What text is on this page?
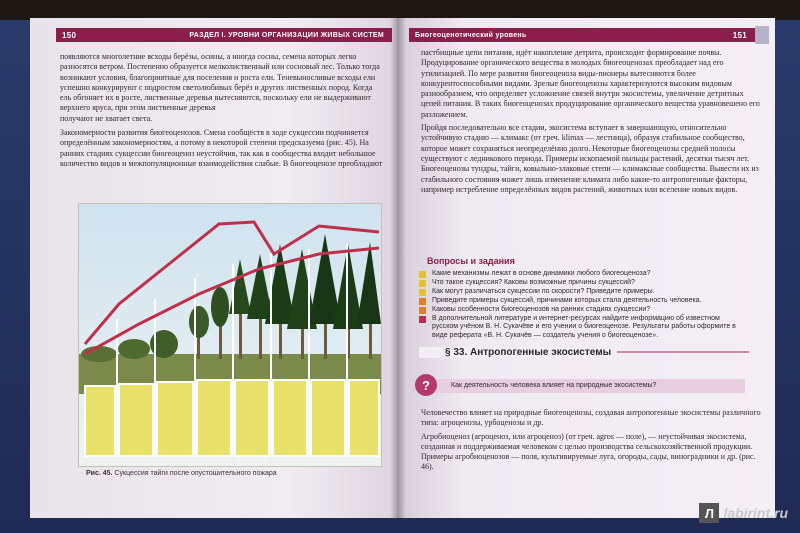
150	РАЗДЕЛ I. УРОВНИ ОРГАНИЗАЦИИ ЖИВЫХ СИСТЕМ

появляются многолетние всходы берёзы, осины, а иногда сосны, семена которых легко разносятся ветром. Постепенно образуется мелколиственный или сосновый лес. Только тогда возникают условия, благоприятные для поселения и роста ели. Теневыносливые всходы ели успешно конкурируют с подростом светолюбивых берёз и других лиственных пород. Когда ель обгоняет их в росте, лиственные деревья вытесняются, поскольку ели не выдерживают верхнего яруса, при этом лиственные деревья

получают не хватает света.

Закономерности развития биогеоценозов. Смена сообществ в ходе сукцессии подчиняется определённым закономерностям, а потому в некоторой степени предсказуема (рис. 45). На ранних стадиях сукцессии биогеоценоз неустойчив, так как в сообщества входит небольшое количество видов и межпопуляционные взаимодействия слабые. В биогеоценозе преобладают

Рис. 45. Сукцессия тайги после опустошительного пожара
Биогеоценотический уровень	151

пастбищные цепи питания, идёт накопление детрита, происходит формирование почвы. Продуцирование органического вещества в молодых биогеоценозах преобладает над его утилизацией. По мере развития биогеоценоза виды-пионеры вытесняются более конкурентоспособными видами. Зрелые биогеоценозы характеризуются высоким видовым разнообразием, что определяет усложнение связей внутри экосистемы, увеличение детритных цепей питания. В таких биогеоценозах продуцирование органического вещества уравновешено его разложением.

Пройдя последовательно все стадии, экосистема вступает в завершающую, относительно устойчивую стадию — климакс (от греч. klimax — лестница), образуя стабильное сообщество, которое может сохраняться неопределённо долго. Некоторые биогеоценозы средней полосы существуют с ледникового периода. Примеры ископаемой пыльцы растений, десятки тысяч лет. Биогеоценозы тундры, тайги, ковыльно-злаковые степи — климаксные сообщества. Вывести их из стабильного состояния может лишь изменение климата либо какие-то антропогенные факторы, например истребление определённых видов растений, животных или вселение новых видов.

Вопросы и задания
Какие механизмы лежат в основе динамики любого биогеоценоза?
Что такое сукцессия? Каковы возможные причины сукцессий?
Как могут различаться сукцессии по скорости? Приведите примеры.
Приведите примеры сукцессий, причинами которых стала деятельность человека.
Каковы особенности биогеоценозов на ранних стадиях сукцессии?
В дополнительной литературе и интернет-ресурсах найдите информацию об известном русском учёном В. Н. Сукачёве и его учении о биогеоценозе. Результаты работы оформите в виде реферата «В. Н. Сукачёв — создатель учения о биогеоценозе».
§ 33. Антропогенные экосистемы
?	Как деятельность человека влияет на природные экосистемы?

Человечество влияет на природные биогеоценозы, создавая антропогенные экосистемы различного типа: агроценозы, урбоценозы и др.

Агробиоценоз (агроценоз, или агроценоз) (от греч. agros — поле), — неустойчивая экосистема, созданная и поддерживаемая человеком с целью производства сельскохозяйственной продукции. Примеры агробиоценозов — поля, культивируемые луга, огороды, сады, виноградники и др. (рис. 46).

Л labirint.ru
